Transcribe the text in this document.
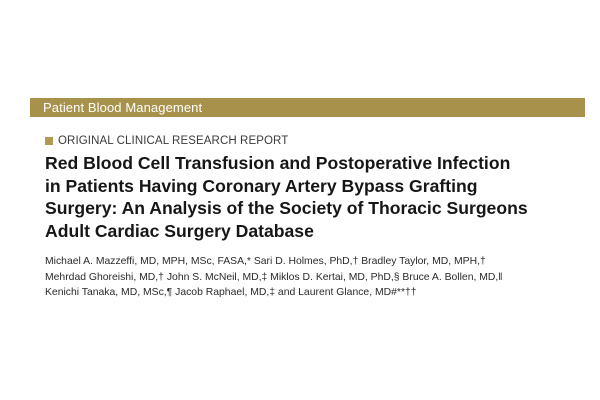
Patient Blood Management
ORIGINAL CLINICAL RESEARCH REPORT
Red Blood Cell Transfusion and Postoperative Infection
in Patients Having Coronary Artery Bypass Grafting
Surgery: An Analysis of the Society of Thoracic Surgeons
Adult Cardiac Surgery Database
Michael A. Mazzeffi, MD, MPH, MSc, FASA,* Sari D. Holmes, PhD,† Bradley Taylor, MD, MPH,†
Mehrdad Ghoreishi, MD,† John S. McNeil, MD,‡ Miklos D. Kertai, MD, PhD,§ Bruce A. Bollen, MD,‖
Kenichi Tanaka, MD, MSc,¶ Jacob Raphael, MD,‡ and Laurent Glance, MD#**††
